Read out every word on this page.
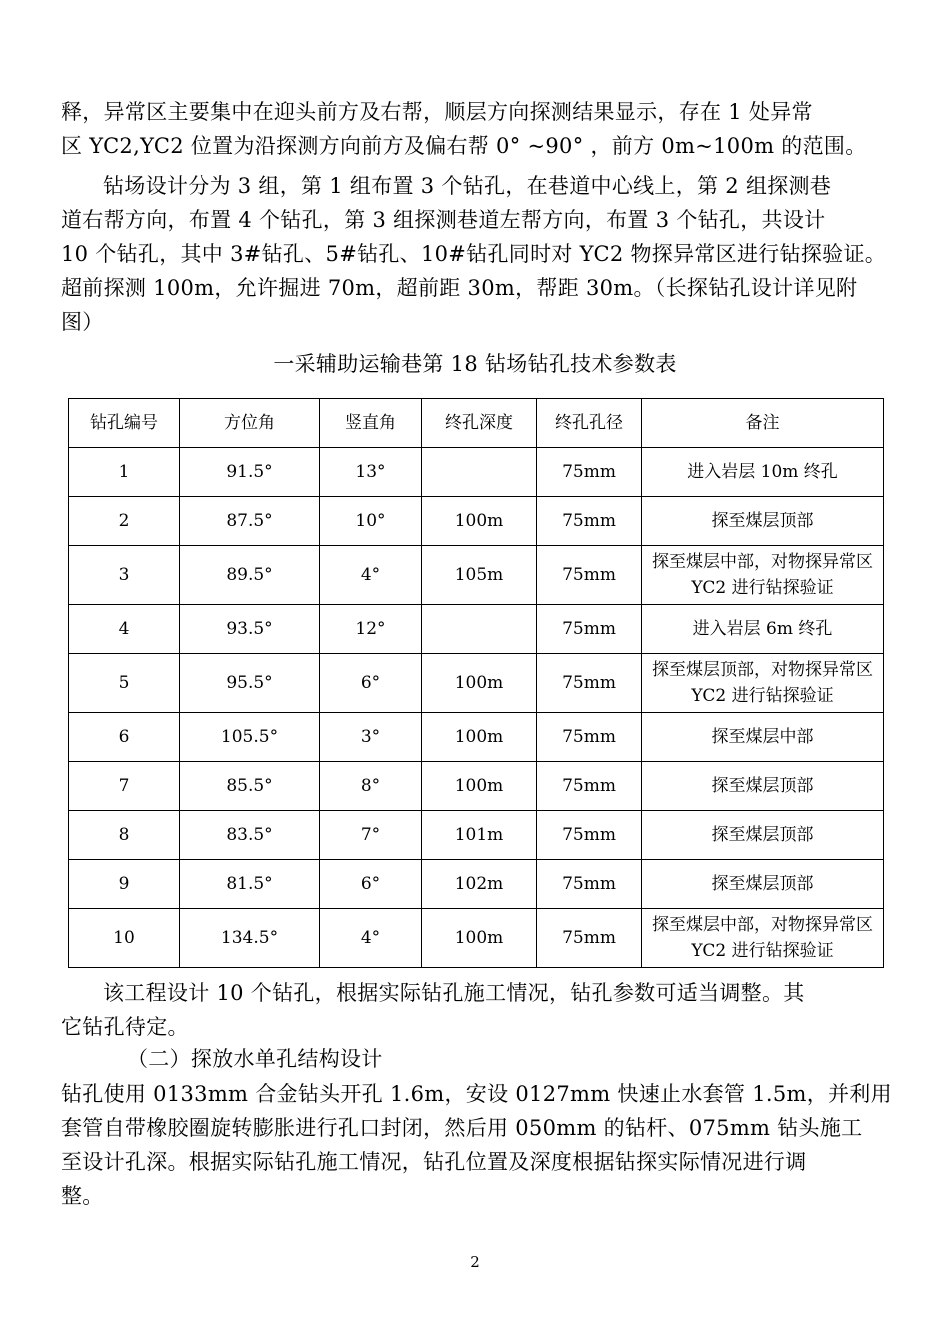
释，异常区主要集中在迎头前方及右帮，顺层方向探测结果显示，存在 1 处异常
区 YC2,YC2 位置为沿探测方向前方及偏右帮 0° ~90° ，前方 0m~100m 的范围。
钻场设计分为 3 组，第 1 组布置 3 个钻孔，在巷道中心线上，第 2 组探测巷
道右帮方向，布置 4 个钻孔，第 3 组探测巷道左帮方向，布置 3 个钻孔，共设计
10 个钻孔，其中 3#钻孔、5#钻孔、10#钻孔同时对 YC2 物探异常区进行钻探验证。
超前探测 100m，允许掘进 70m，超前距 30m，帮距 30m。（长探钻孔设计详见附
图）
一采辅助运输巷第 18 钻场钻孔技术参数表
钻孔编号	方位角	竖直角	终孔深度	终孔孔径	备注
1	91.5°	13°		75mm	进入岩层 10m 终孔
2	87.5°	10°	100m	75mm	探至煤层顶部
3	89.5°	4°	105m	75mm	探至煤层中部，对物探异常区 YC2 进行钻探验证
4	93.5°	12°		75mm	进入岩层 6m 终孔
5	95.5°	6°	100m	75mm	探至煤层顶部，对物探异常区 YC2 进行钻探验证
6	105.5°	3°	100m	75mm	探至煤层中部
7	85.5°	8°	100m	75mm	探至煤层顶部
8	83.5°	7°	101m	75mm	探至煤层顶部
9	81.5°	6°	102m	75mm	探至煤层顶部
10	134.5°	4°	100m	75mm	探至煤层中部，对物探异常区 YC2 进行钻探验证
该工程设计 10 个钻孔，根据实际钻孔施工情况，钻孔参数可适当调整。其
它钻孔待定。
（二）探放水单孔结构设计
钻孔使用 0133mm 合金钻头开孔 1.6m，安设 0127mm 快速止水套管 1.5m，并利用
套管自带橡胶圈旋转膨胀进行孔口封闭，然后用 050mm 的钻杆、075mm 钻头施工
至设计孔深。根据实际钻孔施工情况，钻孔位置及深度根据钻探实际情况进行调
整。
2
